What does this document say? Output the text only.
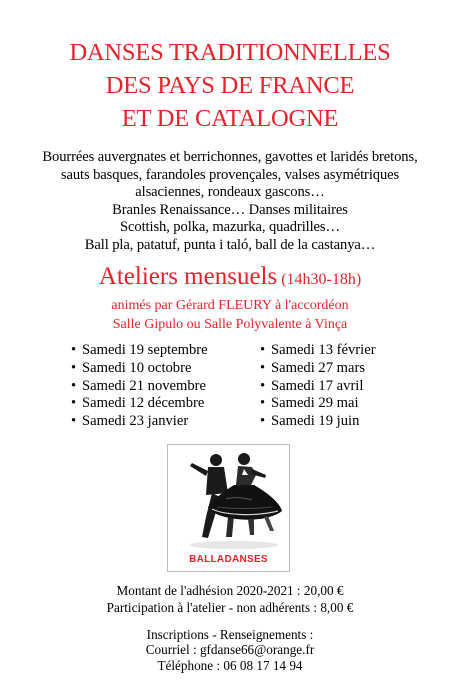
DANSES TRADITIONNELLES
DES PAYS DE FRANCE
ET DE CATALOGNE
Bourrées auvergnates et berrichonnes, gavottes et laridés bretons,
sauts basques, farandoles provençales, valses asymétriques
alsaciennes, rondeaux gascons…
Branles Renaissance… Danses militaires
Scottish, polka, mazurka, quadrilles…
Ball pla, patatuf, punta i taló, ball de la castanya…
Ateliers mensuels (14h30-18h)
animés par Gérard FLEURY à l'accordéon
Salle Gipulo ou Salle Polyvalente à Vinça
• Samedi 19 septembre
• Samedi 10 octobre
• Samedi 21 novembre
• Samedi 12 décembre
• Samedi 23 janvier
• Samedi 13 février
• Samedi 27 mars
• Samedi 17 avril
• Samedi 29 mai
• Samedi 19 juin
BALLADANSES
Montant de l'adhésion 2020-2021 : 20,00 €
Participation à l'atelier - non adhérents : 8,00 €
Inscriptions - Renseignements :
Courriel : gfdanse66@orange.fr
Téléphone : 06 08 17 14 94
